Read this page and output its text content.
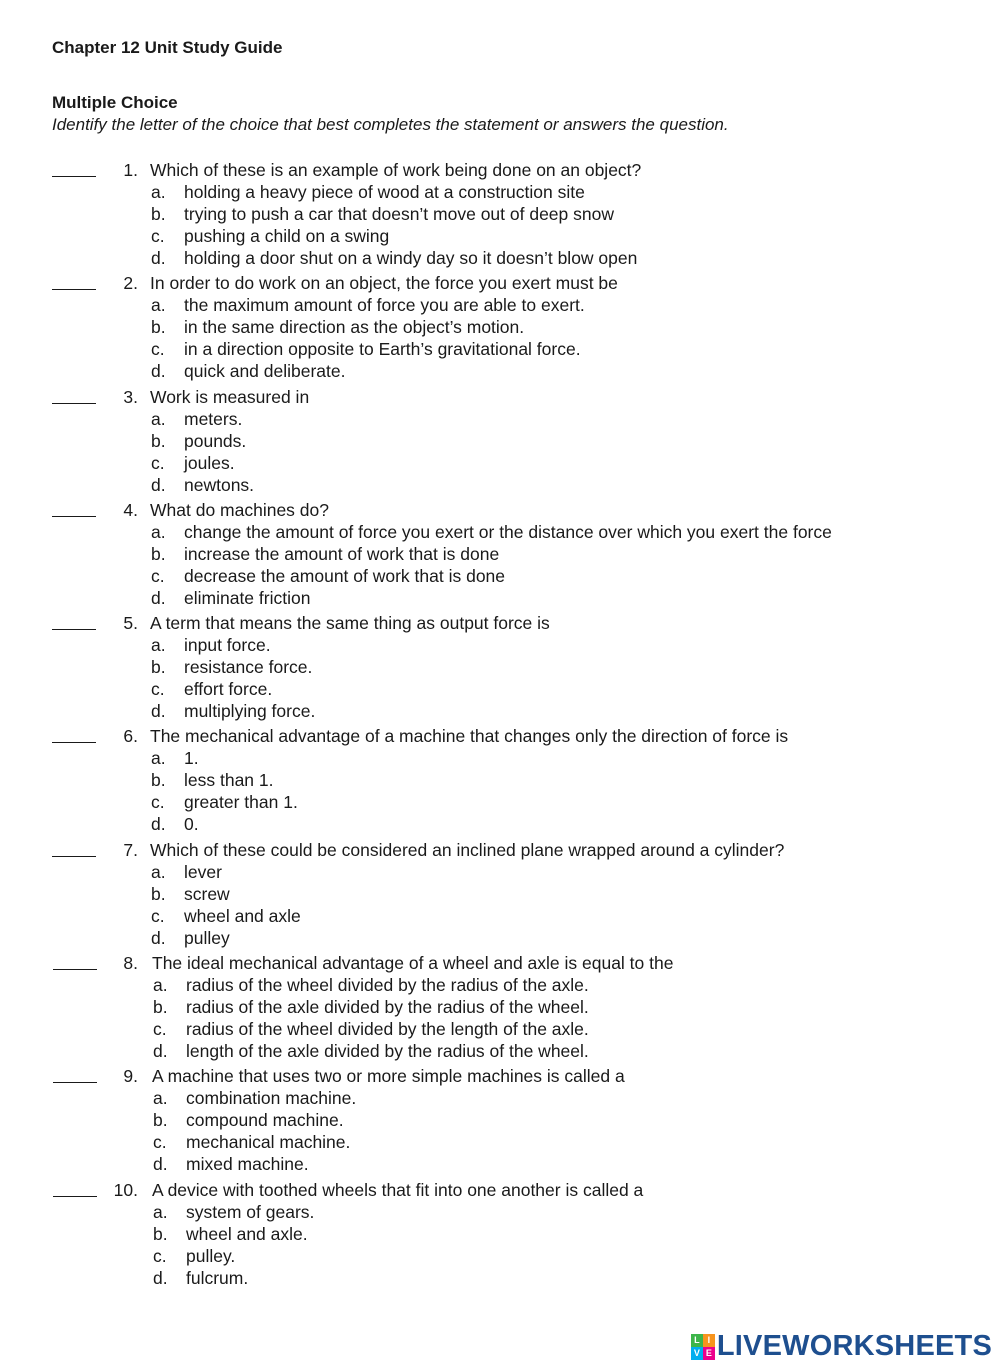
Chapter 12 Unit Study Guide
Multiple Choice
Identify the letter of the choice that best completes the statement or answers the question.
1. Which of these is an example of work being done on an object?
a. holding a heavy piece of wood at a construction site
b. trying to push a car that doesn’t move out of deep snow
c. pushing a child on a swing
d. holding a door shut on a windy day so it doesn’t blow open
2. In order to do work on an object, the force you exert must be
a. the maximum amount of force you are able to exert.
b. in the same direction as the object’s motion.
c. in a direction opposite to Earth’s gravitational force.
d. quick and deliberate.
3. Work is measured in
a. meters.
b. pounds.
c. joules.
d. newtons.
4. What do machines do?
a. change the amount of force you exert or the distance over which you exert the force
b. increase the amount of work that is done
c. decrease the amount of work that is done
d. eliminate friction
5. A term that means the same thing as output force is
a. input force.
b. resistance force.
c. effort force.
d. multiplying force.
6. The mechanical advantage of a machine that changes only the direction of force is
a. 1.
b. less than 1.
c. greater than 1.
d. 0.
7. Which of these could be considered an inclined plane wrapped around a cylinder?
a. lever
b. screw
c. wheel and axle
d. pulley
8. The ideal mechanical advantage of a wheel and axle is equal to the
a. radius of the wheel divided by the radius of the axle.
b. radius of the axle divided by the radius of the wheel.
c. radius of the wheel divided by the length of the axle.
d. length of the axle divided by the radius of the wheel.
9. A machine that uses two or more simple machines is called a
a. combination machine.
b. compound machine.
c. mechanical machine.
d. mixed machine.
10. A device with toothed wheels that fit into one another is called a
a. system of gears.
b. wheel and axle.
c. pulley.
d. fulcrum.
L I
V E LIVEWORKSHEETS
